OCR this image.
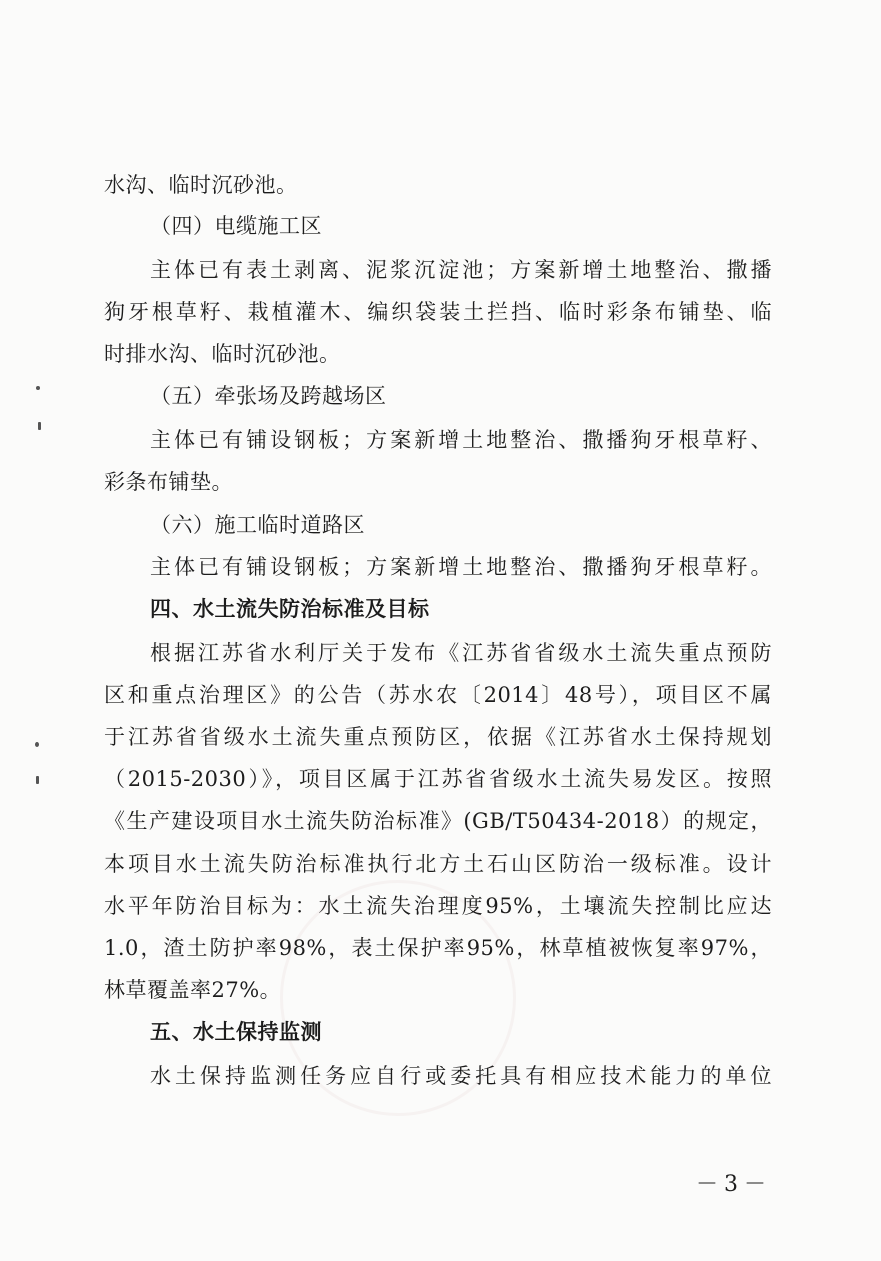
水沟、临时沉砂池。
（四）电缆施工区
主体已有表土剥离、泥浆沉淀池；方案新增土地整治、撒播
狗牙根草籽、栽植灌木、编织袋装土拦挡、临时彩条布铺垫、临
时排水沟、临时沉砂池。
（五）牵张场及跨越场区
主体已有铺设钢板；方案新增土地整治、撒播狗牙根草籽、
彩条布铺垫。
（六）施工临时道路区
主体已有铺设钢板；方案新增土地整治、撒播狗牙根草籽。
四、水土流失防治标准及目标
根据江苏省水利厅关于发布《江苏省省级水土流失重点预防
区和重点治理区》的公告（苏水农〔2014〕48号），项目区不属
于江苏省省级水土流失重点预防区，依据《江苏省水土保持规划
（2015-2030）》，项目区属于江苏省省级水土流失易发区。按照
《生产建设项目水土流失防治标准》(GB/T50434-2018）的规定，
本项目水土流失防治标准执行北方土石山区防治一级标准。设计
水平年防治目标为：水土流失治理度95%，土壤流失控制比应达
1.0，渣土防护率98%，表土保护率95%，林草植被恢复率97%，
林草覆盖率27%。
五、水土保持监测
水土保持监测任务应自行或委托具有相应技术能力的单位
－3－
